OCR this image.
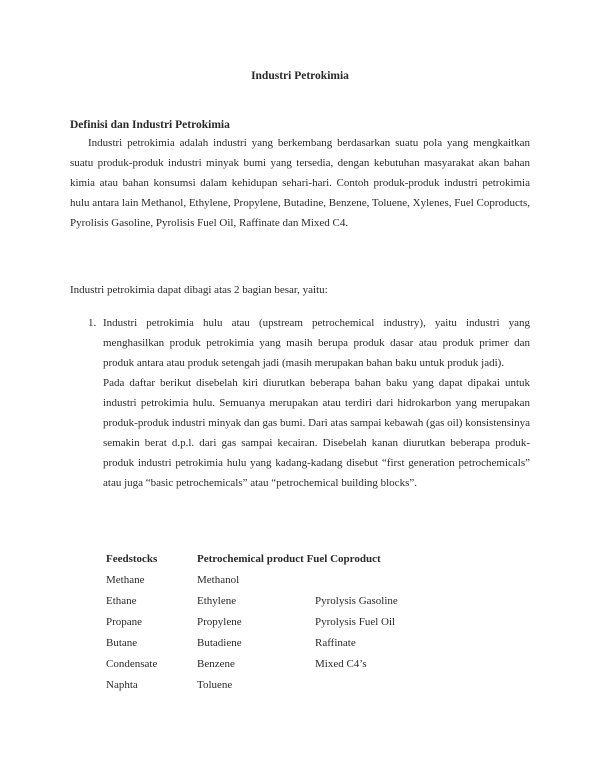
Industri Petrokimia
Definisi dan Industri Petrokimia

Industri petrokimia adalah industri yang berkembang berdasarkan suatu pola yang mengkaitkan suatu produk-produk industri minyak bumi yang tersedia, dengan kebutuhan masyarakat akan bahan kimia atau bahan konsumsi dalam kehidupan sehari-hari. Contoh produk-produk industri petrokimia hulu antara lain Methanol, Ethylene, Propylene, Butadine, Benzene, Toluene, Xylenes, Fuel Coproducts, Pyrolisis Gasoline, Pyrolisis Fuel Oil, Raffinate dan Mixed C4.

Industri petrokimia dapat dibagi atas 2 bagian besar, yaitu:

1. Industri petrokimia hulu atau (upstream petrochemical industry), yaitu industri yang menghasilkan produk petrokimia yang masih berupa produk dasar atau produk primer dan produk antara atau produk setengah jadi (masih merupakan bahan baku untuk produk jadi).

Pada daftar berikut disebelah kiri diurutkan beberapa bahan baku yang dapat dipakai untuk industri petrokimia hulu. Semuanya merupakan atau terdiri dari hidrokarbon yang merupakan produk-produk industri minyak dan gas bumi. Dari atas sampai kebawah (gas oil) konsistensinya semakin berat d.p.l. dari gas sampai kecairan. Disebelah kanan diurutkan beberapa produk-produk industri petrokimia hulu yang kadang-kadang disebut “first generation petrochemicals” atau juga “basic petrochemicals” atau “petrochemical building blocks”.

Feedstocks	Petrochemical product Fuel Coproduct	
Methane	Methanol	
Ethane	Ethylene	Pyrolysis Gasoline
Propane	Propylene	Pyrolysis Fuel Oil
Butane	Butadiene	Raffinate
Condensate	Benzene	Mixed C4’s
Naphta	Toluene	
